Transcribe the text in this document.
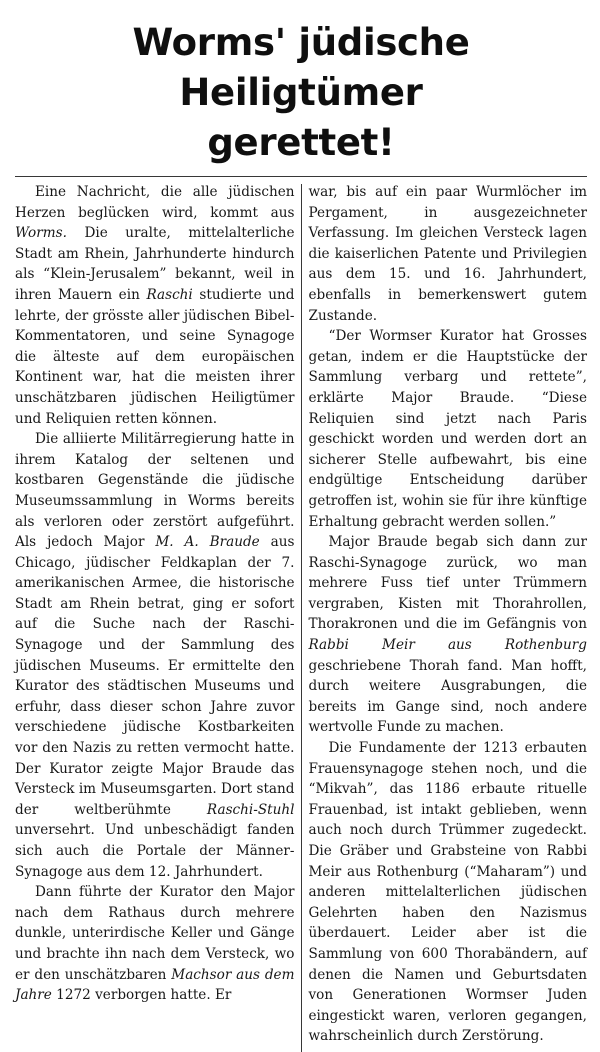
Worms' jüdische Heiligtümer
gerettet!

Eine Nachricht, die alle jüdischen Herzen beglücken wird, kommt aus Worms. Die uralte, mittelalterliche Stadt am Rhein, Jahrhunderte hindurch als “Klein-Jerusalem” bekannt, weil in ihren Mauern ein Raschi studierte und lehrte, der grösste aller jüdischen Bibel-Kommentatoren, und seine Synagoge die älteste auf dem europäischen Kontinent war, hat die meisten ihrer unschätzbaren jüdischen Heiligtümer und Reliquien retten können.

Die alliierte Militärregierung hatte in ihrem Katalog der seltenen und kostbaren Gegenstände die jüdische Museumssammlung in Worms bereits als verloren oder zerstört aufgeführt. Als jedoch Major M. A. Braude aus Chicago, jüdischer Feldkaplan der 7. amerikanischen Armee, die historische Stadt am Rhein betrat, ging er sofort auf die Suche nach der Raschi-Synagoge und der Sammlung des jüdischen Museums. Er ermittelte den Kurator des städtischen Museums und erfuhr, dass dieser schon Jahre zuvor verschiedene jüdische Kostbarkeiten vor den Nazis zu retten vermocht hatte. Der Kurator zeigte Major Braude das Versteck im Museumsgarten. Dort stand der weltberühmte Raschi-Stuhl unversehrt. Und unbeschädigt fanden sich auch die Portale der Männer-Synagoge aus dem 12. Jahrhundert.

Dann führte der Kurator den Major nach dem Rathaus durch mehrere dunkle, unterirdische Keller und Gänge und brachte ihn nach dem Versteck, wo er den unschätzbaren Machsor aus dem Jahre 1272 verborgen hatte. Er

war, bis auf ein paar Wurmlöcher im Pergament, in ausgezeichneter Verfassung. Im gleichen Versteck lagen die kaiserlichen Patente und Privilegien aus dem 15. und 16. Jahrhundert, ebenfalls in bemerkenswert gutem Zustande.

“Der Wormser Kurator hat Grosses getan, indem er die Hauptstücke der Sammlung verbarg und rettete”, erklärte Major Braude. “Diese Reliquien sind jetzt nach Paris geschickt worden und werden dort an sicherer Stelle aufbewahrt, bis eine endgültige Entscheidung darüber getroffen ist, wohin sie für ihre künftige Erhaltung gebracht werden sollen.”

Major Braude begab sich dann zur Raschi-Synagoge zurück, wo man mehrere Fuss tief unter Trümmern vergraben, Kisten mit Thorahrollen, Thorakronen und die im Gefängnis von Rabbi Meir aus Rothenburg geschriebene Thorah fand. Man hofft, durch weitere Ausgrabungen, die bereits im Gange sind, noch andere wertvolle Funde zu machen.

Die Fundamente der 1213 erbauten Frauensynagoge stehen noch, und die “Mikvah”, das 1186 erbaute rituelle Frauenbad, ist intakt geblieben, wenn auch noch durch Trümmer zugedeckt. Die Gräber und Grabsteine von Rabbi Meir aus Rothenburg (“Maharam”) und anderen mittelalterlichen jüdischen Gelehrten haben den Nazismus überdauert. Leider aber ist die Sammlung von 600 Thorabändern, auf denen die Namen und Geburtsdaten von Generationen Wormser Juden eingestickt waren, verloren gegangen, wahrscheinlich durch Zerstörung.
